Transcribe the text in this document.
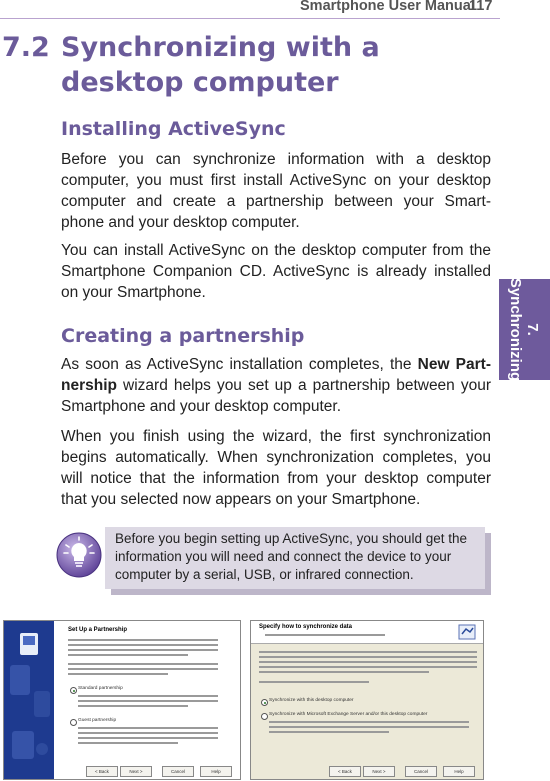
Smartphone User Manual
117
7.2 Synchronizing with a
desktop computer
Installing ActiveSync
Before you can synchronize information with a desktop
computer, you must first install ActiveSync on your desktop
computer and create a partnership between your Smart-
phone and your desktop computer.
You can install ActiveSync on the desktop computer from the
Smartphone Companion CD. ActiveSync is already installed
on your Smartphone.
Creating a partnership
As soon as ActiveSync installation completes, the New Part-
nership wizard helps you set up a partnership between your
Smartphone and your desktop computer.
When you finish using the wizard, the first synchronization
begins automatically. When synchronization completes, you
will notice that the information from your desktop computer
that you selected now appears on your Smartphone.
7.
Synchronizing
Before you begin setting up ActiveSync, you should get the
information you will need and connect the device to your
computer by a serial, USB, or infrared connection.
Set Up a Partnership
Standard partnership
Guest partnership
< Back	Next >	Cancel	Help
Specify how to synchronize data
Synchronize with this desktop computer
Synchronize with Microsoft Exchange Server and/or this desktop computer
< Back	Next >	Cancel	Help
